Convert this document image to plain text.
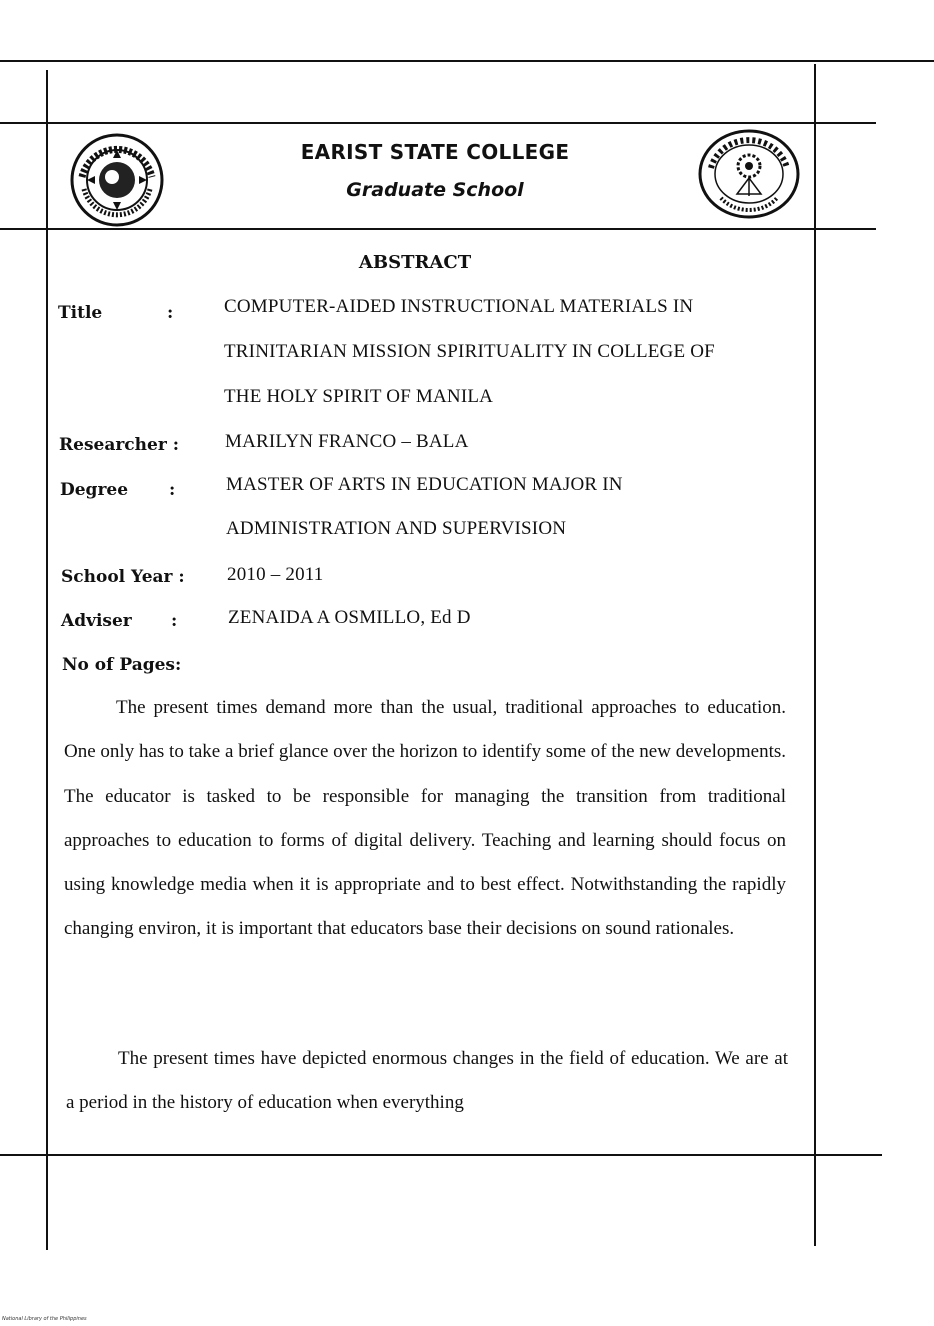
EARIST STATE COLLEGE
Graduate School
ABSTRACT
Title	:	COMPUTER-AIDED INSTRUCTIONAL MATERIALS IN
TRINITARIAN MISSION SPIRITUALITY IN COLLEGE OF
THE HOLY SPIRIT OF MANILA
Researcher : MARILYN FRANCO – BALA
Degree :	MASTER OF ARTS IN EDUCATION MAJOR IN
ADMINISTRATION AND SUPERVISION
School Year : 2010 – 2011
Adviser :	ZENAIDA A OSMILLO, Ed D
No of Pages:

The present times demand more than the usual, traditional approaches to education. One only has to take a brief glance over the horizon to identify some of the new developments. The educator is tasked to be responsible for managing the transition from traditional approaches to education to forms of digital delivery. Teaching and learning should focus on using knowledge media when it is appropriate and to best effect. Notwithstanding the rapidly changing environ, it is important that educators base their decisions on sound rationales.

The present times have depicted enormous changes in the field of education. We are at a period in the history of education when everything

National Library of the Philippines
